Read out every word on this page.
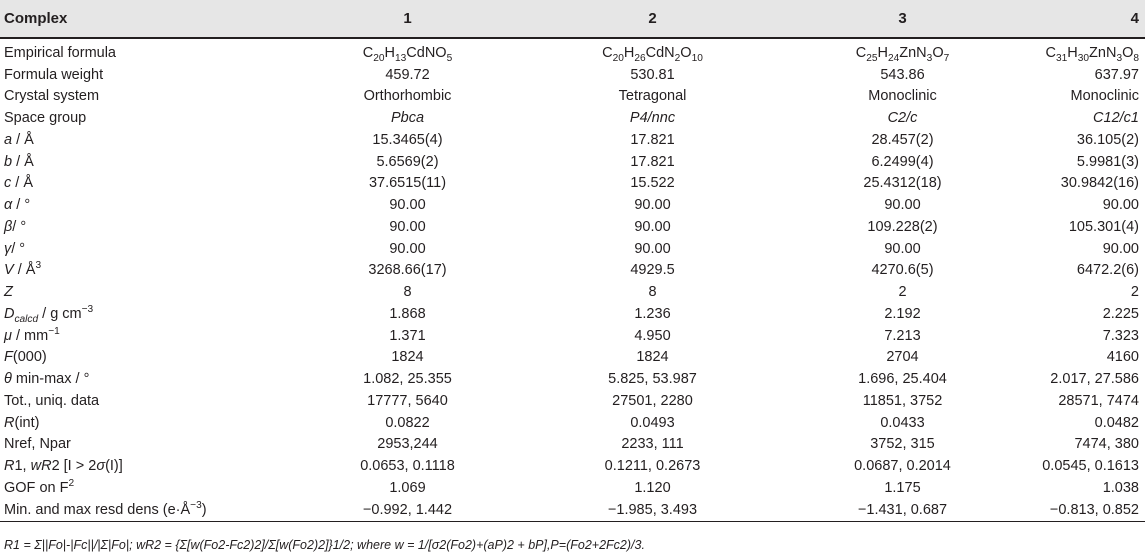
Complex	1	2	3	4
Empirical formula	$C_{20}H_{13}CdNO_5$	$C_{20}H_{26}CdN_2O_{10}$	$C_{25}H_{24}ZnN_3O_7$	$C_{31}H_{30}ZnN_3O_8$
Formula weight	459.72	530.81	543.86	637.97
Crystal system	Orthorhombic	Tetragonal	Monoclinic	Monoclinic
Space group	Pbca	P4/nnc	C2/c	C12/c1
a / Å	15.3465(4)	17.821	28.457(2)	36.105(2)
b / Å	5.6569(2)	17.821	6.2499(4)	5.9981(3)
c / Å	37.6515(11)	15.522	25.4312(18)	30.9842(16)
α / °	90.00	90.00	90.00	90.00
β/ °	90.00	90.00	109.228(2)	105.301(4)
γ/ °	90.00	90.00	90.00	90.00
V / $Å^3$	3268.66(17)	4929.5	4270.6(5)	6472.2(6)
Z	8	8	2	2
$D_{calcd}$ / g $cm^{-3}$	1.868	1.236	2.192	2.225
μ / $mm^{-1}$	1.371	4.950	7.213	7.323
F(000)	1824	1824	2704	4160
θ min-max / °	1.082, 25.355	5.825, 53.987	1.696, 25.404	2.017, 27.586
Tot., uniq. data	17777, 5640	27501, 2280	11851, 3752	28571, 7474
R(int)	0.0822	0.0493	0.0433	0.0482
Nref, Npar	2953,244	2233, 111	3752, 315	7474, 380
R1, wR2 [I > 2σ(I)]	0.0653, 0.1118	0.1211, 0.2673	0.0687, 0.2014	0.0545, 0.1613
GOF on $F^2$	1.069	1.120	1.175	1.038
Min. and max resd dens $(e\cdot Å^{-3})$	−0.992, 1.442	−1.985, 3.493	−1.431, 0.687	−0.813, 0.852
R1 = Σ||Fo|-|Fc||/|Σ|Fo|; wR2 = {Σ[w(Fo2-Fc2)2]/Σ[w(Fo2)2]}1/2; where w = 1/[σ2(Fo2)+(aP)2 + bP],P=(Fo2+2Fc2)/3.
